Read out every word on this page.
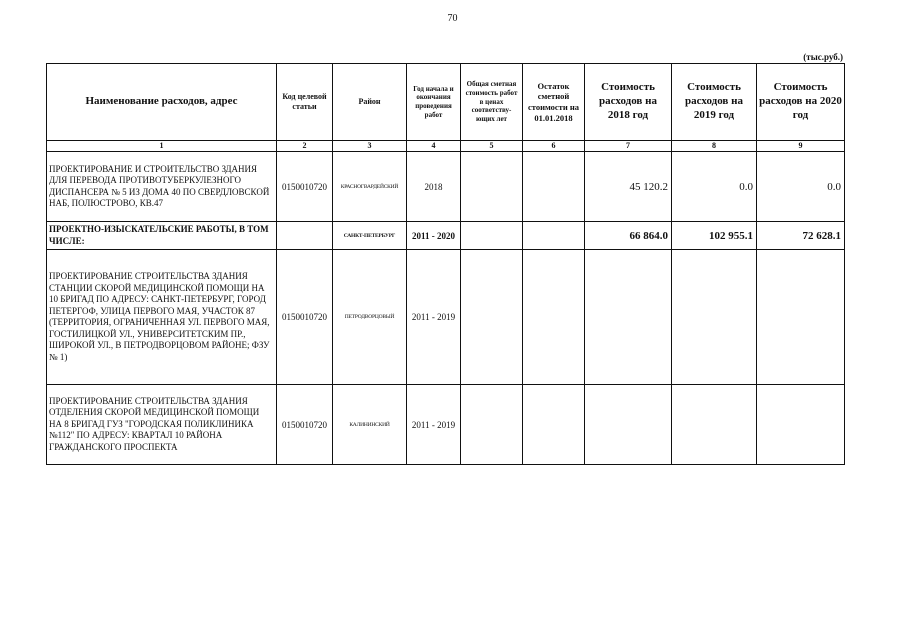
70
(тыс.руб.)
Наименование расходов, адрес	Код целевой статьи	Район	Год начала и окончания проведения работ	Общая сметная стоимость работ в ценах соответству-ющих лет	Остаток сметной стоимости на 01.01.2018	Стоимость расходов на 2018 год	Стоимость расходов на 2019 год	Стоимость расходов на 2020 год
1	2	3	4	5	6	7	8	9
ПРОЕКТИРОВАНИЕ И СТРОИТЕЛЬСТВО ЗДАНИЯ ДЛЯ ПЕРЕВОДА ПРОТИВОТУБЕРКУЛЕЗНОГО ДИСПАНСЕРА № 5 ИЗ ДОМА 40 ПО СВЕРДЛОВСКОЙ НАБ, ПОЛЮСТРОВО, КВ.47	0150010720	КРАСНОГВАРДЕЙСКИЙ	2018			45 120.2	0.0	0.0
ПРОЕКТНО-ИЗЫСКАТЕЛЬСКИЕ РАБОТЫ, В ТОМ ЧИСЛЕ:		САНКТ-ПЕТЕРБУРГ	2011 - 2020			66 864.0	102 955.1	72 628.1
ПРОЕКТИРОВАНИЕ СТРОИТЕЛЬСТВА ЗДАНИЯ СТАНЦИИ СКОРОЙ МЕДИЦИНСКОЙ ПОМОЩИ НА 10 БРИГАД ПО АДРЕСУ: САНКТ-ПЕТЕРБУРГ, ГОРОД ПЕТЕРГОФ, УЛИЦА ПЕРВОГО МАЯ, УЧАСТОК 87 (ТЕРРИТОРИЯ, ОГРАНИЧЕННАЯ УЛ. ПЕРВОГО МАЯ, ГОСТИЛИЦКОЙ УЛ., УНИВЕРСИТЕТСКИМ ПР., ШИРОКОЙ УЛ., В ПЕТРОДВОРЦОВОМ РАЙОНЕ; ФЗУ № 1)	0150010720	ПЕТРОДВОРЦОВЫЙ	2011 - 2019					
ПРОЕКТИРОВАНИЕ СТРОИТЕЛЬСТВА ЗДАНИЯ ОТДЕЛЕНИЯ СКОРОЙ МЕДИЦИНСКОЙ ПОМОЩИ НА 8 БРИГАД ГУЗ "ГОРОДСКАЯ ПОЛИКЛИНИКА №112" ПО АДРЕСУ: КВАРТАЛ 10 РАЙОНА ГРАЖДАНСКОГО ПРОСПЕКТА	0150010720	КАЛИНИНСКИЙ	2011 - 2019					
